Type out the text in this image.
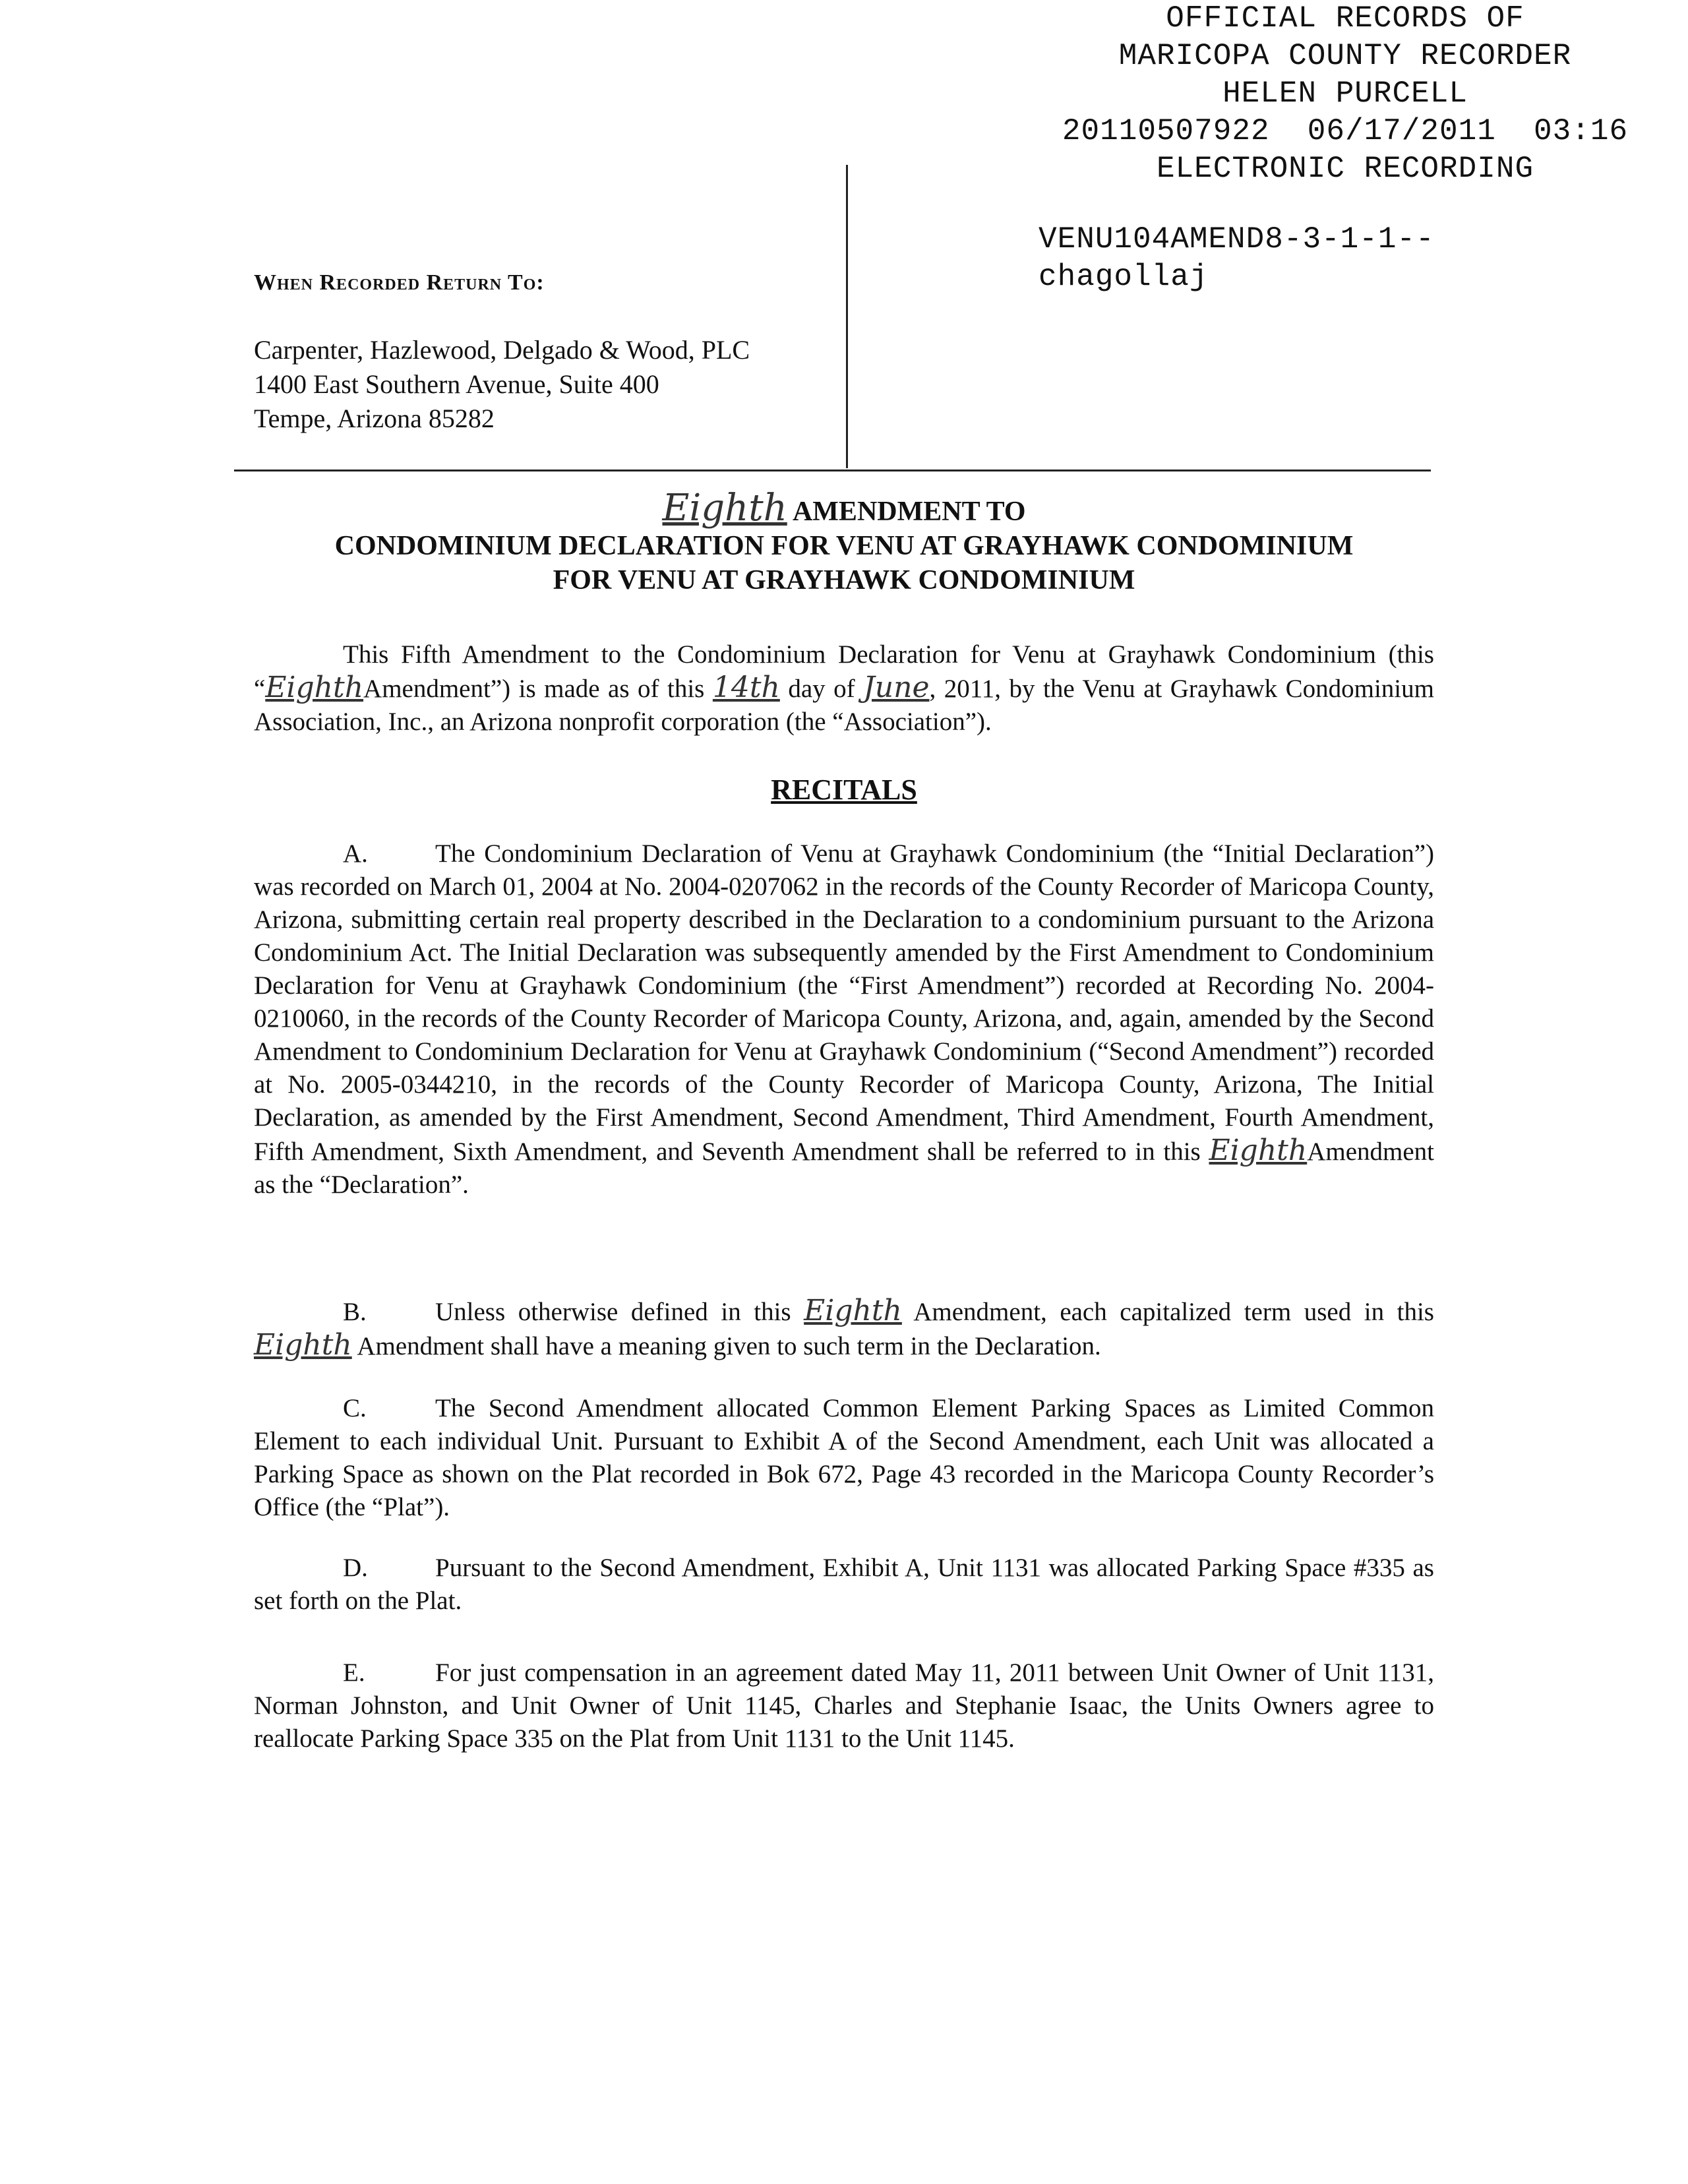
OFFICIAL RECORDS OF
MARICOPA COUNTY RECORDER
HELEN PURCELL
20110507922  06/17/2011  03:16
ELECTRONIC RECORDING
VENU104AMEND8-3-1-1--
chagollaj
When Recorded Return To:
Carpenter, Hazlewood, Delgado & Wood, PLC
1400 East Southern Avenue, Suite 400
Tempe, Arizona 85282
Eighth AMENDMENT TO
CONDOMINIUM DECLARATION FOR VENU AT GRAYHAWK CONDOMINIUM
FOR VENU AT GRAYHAWK CONDOMINIUM
This Fifth Amendment to the Condominium Declaration for Venu at Grayhawk Condominium (this “EighthAmendment”) is made as of this 14th day of June, 2011, by the Venu at Grayhawk Condominium Association, Inc., an Arizona nonprofit corporation (the “Association”).
RECITALS
A.	The Condominium Declaration of Venu at Grayhawk Condominium (the “Initial Declaration”) was recorded on March 01, 2004 at No. 2004-0207062 in the records of the County Recorder of Maricopa County, Arizona, submitting certain real property described in the Declaration to a condominium pursuant to the Arizona Condominium Act. The Initial Declaration was subsequently amended by the First Amendment to Condominium Declaration for Venu at Grayhawk Condominium (the “First Amendment”) recorded at Recording No. 2004-0210060, in the records of the County Recorder of Maricopa County, Arizona, and, again, amended by the Second Amendment to Condominium Declaration for Venu at Grayhawk Condominium (“Second Amendment”) recorded at No. 2005-0344210, in the records of the County Recorder of Maricopa County, Arizona, The Initial Declaration, as amended by the First Amendment, Second Amendment, Third Amendment, Fourth Amendment, Fifth Amendment, Sixth Amendment, and Seventh Amendment shall be referred to in this EighthAmendment as the “Declaration”.
B.	Unless otherwise defined in this Eighth Amendment, each capitalized term used in this Eighth Amendment shall have a meaning given to such term in the Declaration.
C.	The Second Amendment allocated Common Element Parking Spaces as Limited Common Element to each individual Unit. Pursuant to Exhibit A of the Second Amendment, each Unit was allocated a Parking Space as shown on the Plat recorded in Bok 672, Page 43 recorded in the Maricopa County Recorder’s Office (the “Plat”).
D.	Pursuant to the Second Amendment, Exhibit A, Unit 1131 was allocated Parking Space #335 as set forth on the Plat.
E.	For just compensation in an agreement dated May 11, 2011 between Unit Owner of Unit 1131, Norman Johnston, and Unit Owner of Unit 1145, Charles and Stephanie Isaac, the Units Owners agree to reallocate Parking Space 335 on the Plat from Unit 1131 to the Unit 1145.
